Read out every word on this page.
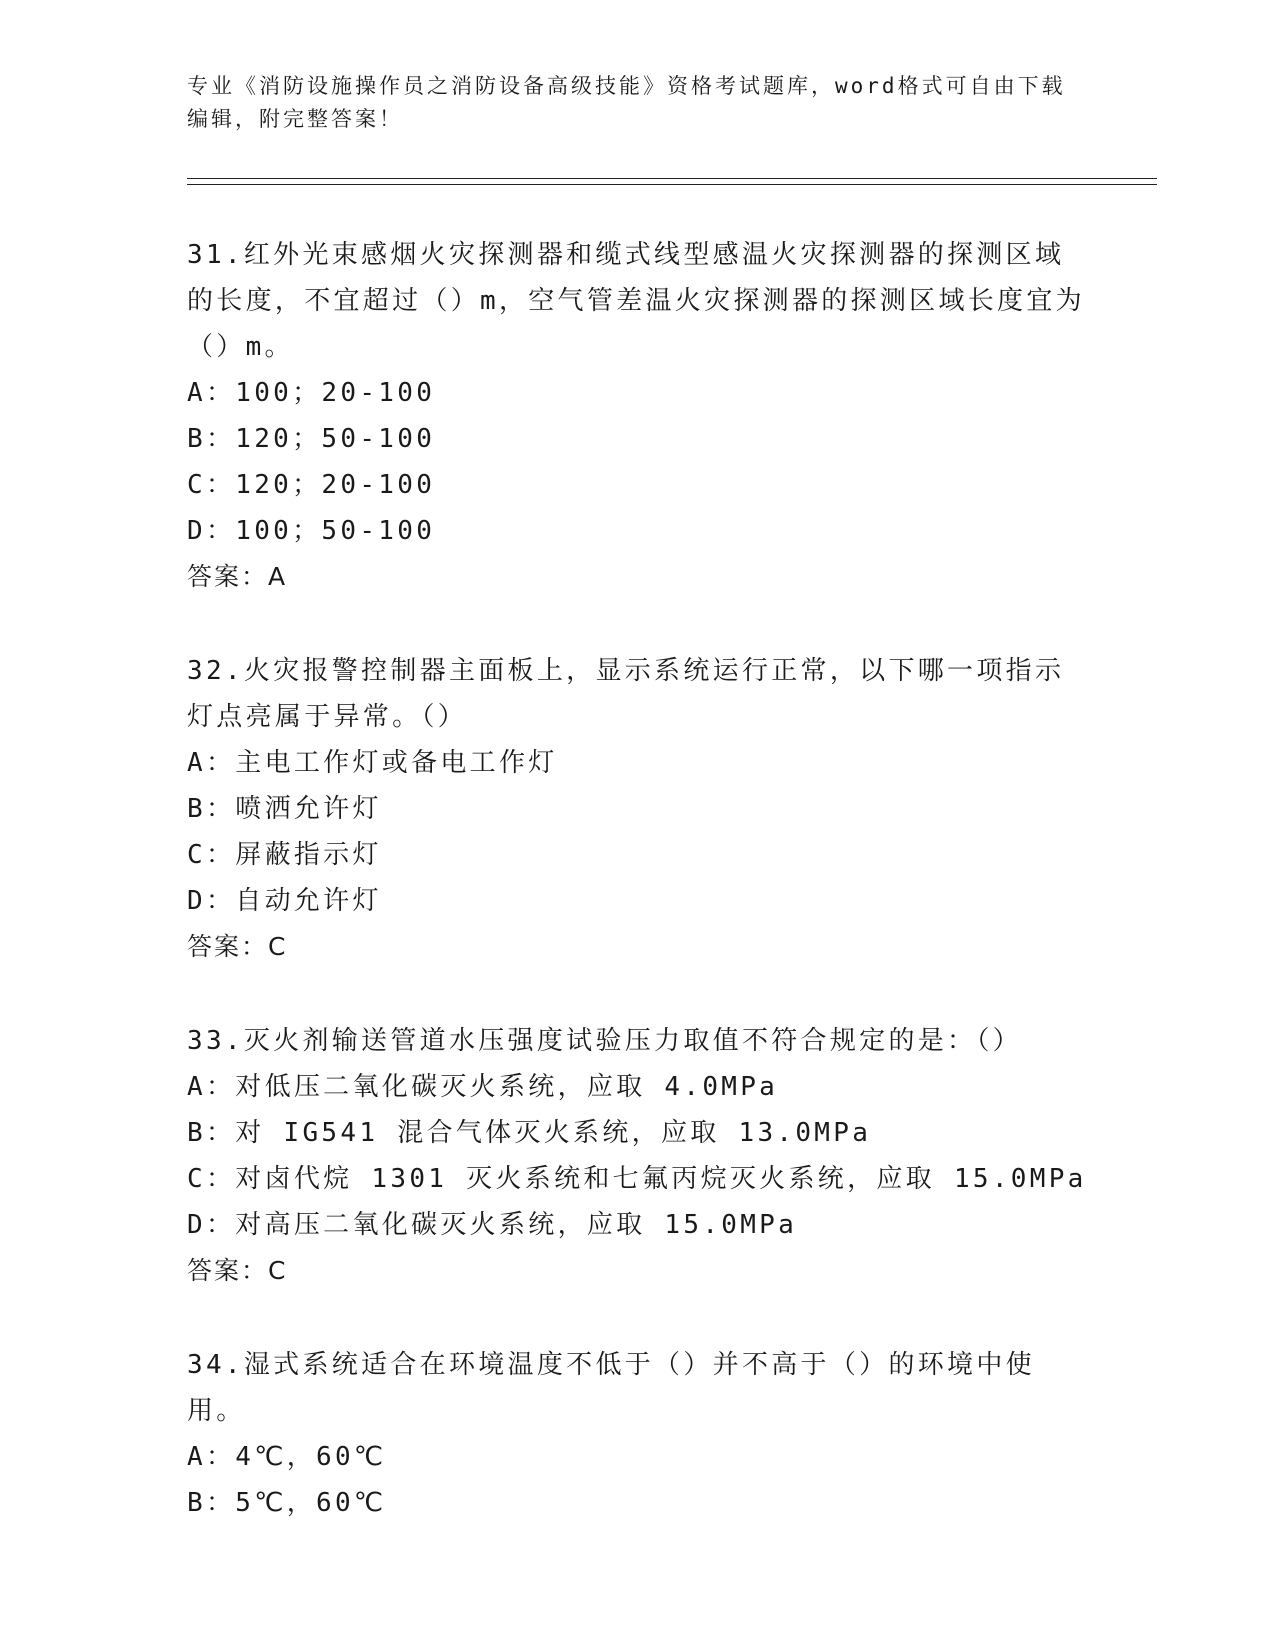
专业《消防设施操作员之消防设备高级技能》资格考试题库，word格式可自由下载编辑，附完整答案！
31.红外光束感烟火灾探测器和缆式线型感温火灾探测器的探测区域的长度，不宜超过（）m，空气管差温火灾探测器的探测区域长度宜为（）m。
A：100；20-100
B：120；50-100
C：120；20-100
D：100；50-100
答案：A
32.火灾报警控制器主面板上，显示系统运行正常，以下哪一项指示灯点亮属于异常。（）
A：主电工作灯或备电工作灯
B：喷洒允许灯
C：屏蔽指示灯
D：自动允许灯
答案：C
33.灭火剂输送管道水压强度试验压力取值不符合规定的是：（）
A：对低压二氧化碳灭火系统，应取 4.0MPa
B：对 IG541 混合气体灭火系统，应取 13.0MPa
C：对卤代烷 1301 灭火系统和七氟丙烷灭火系统，应取 15.0MPa
D：对高压二氧化碳灭火系统，应取 15.0MPa
答案：C
34.湿式系统适合在环境温度不低于（）并不高于（）的环境中使用。
A：4℃，60℃
B：5℃，60℃
